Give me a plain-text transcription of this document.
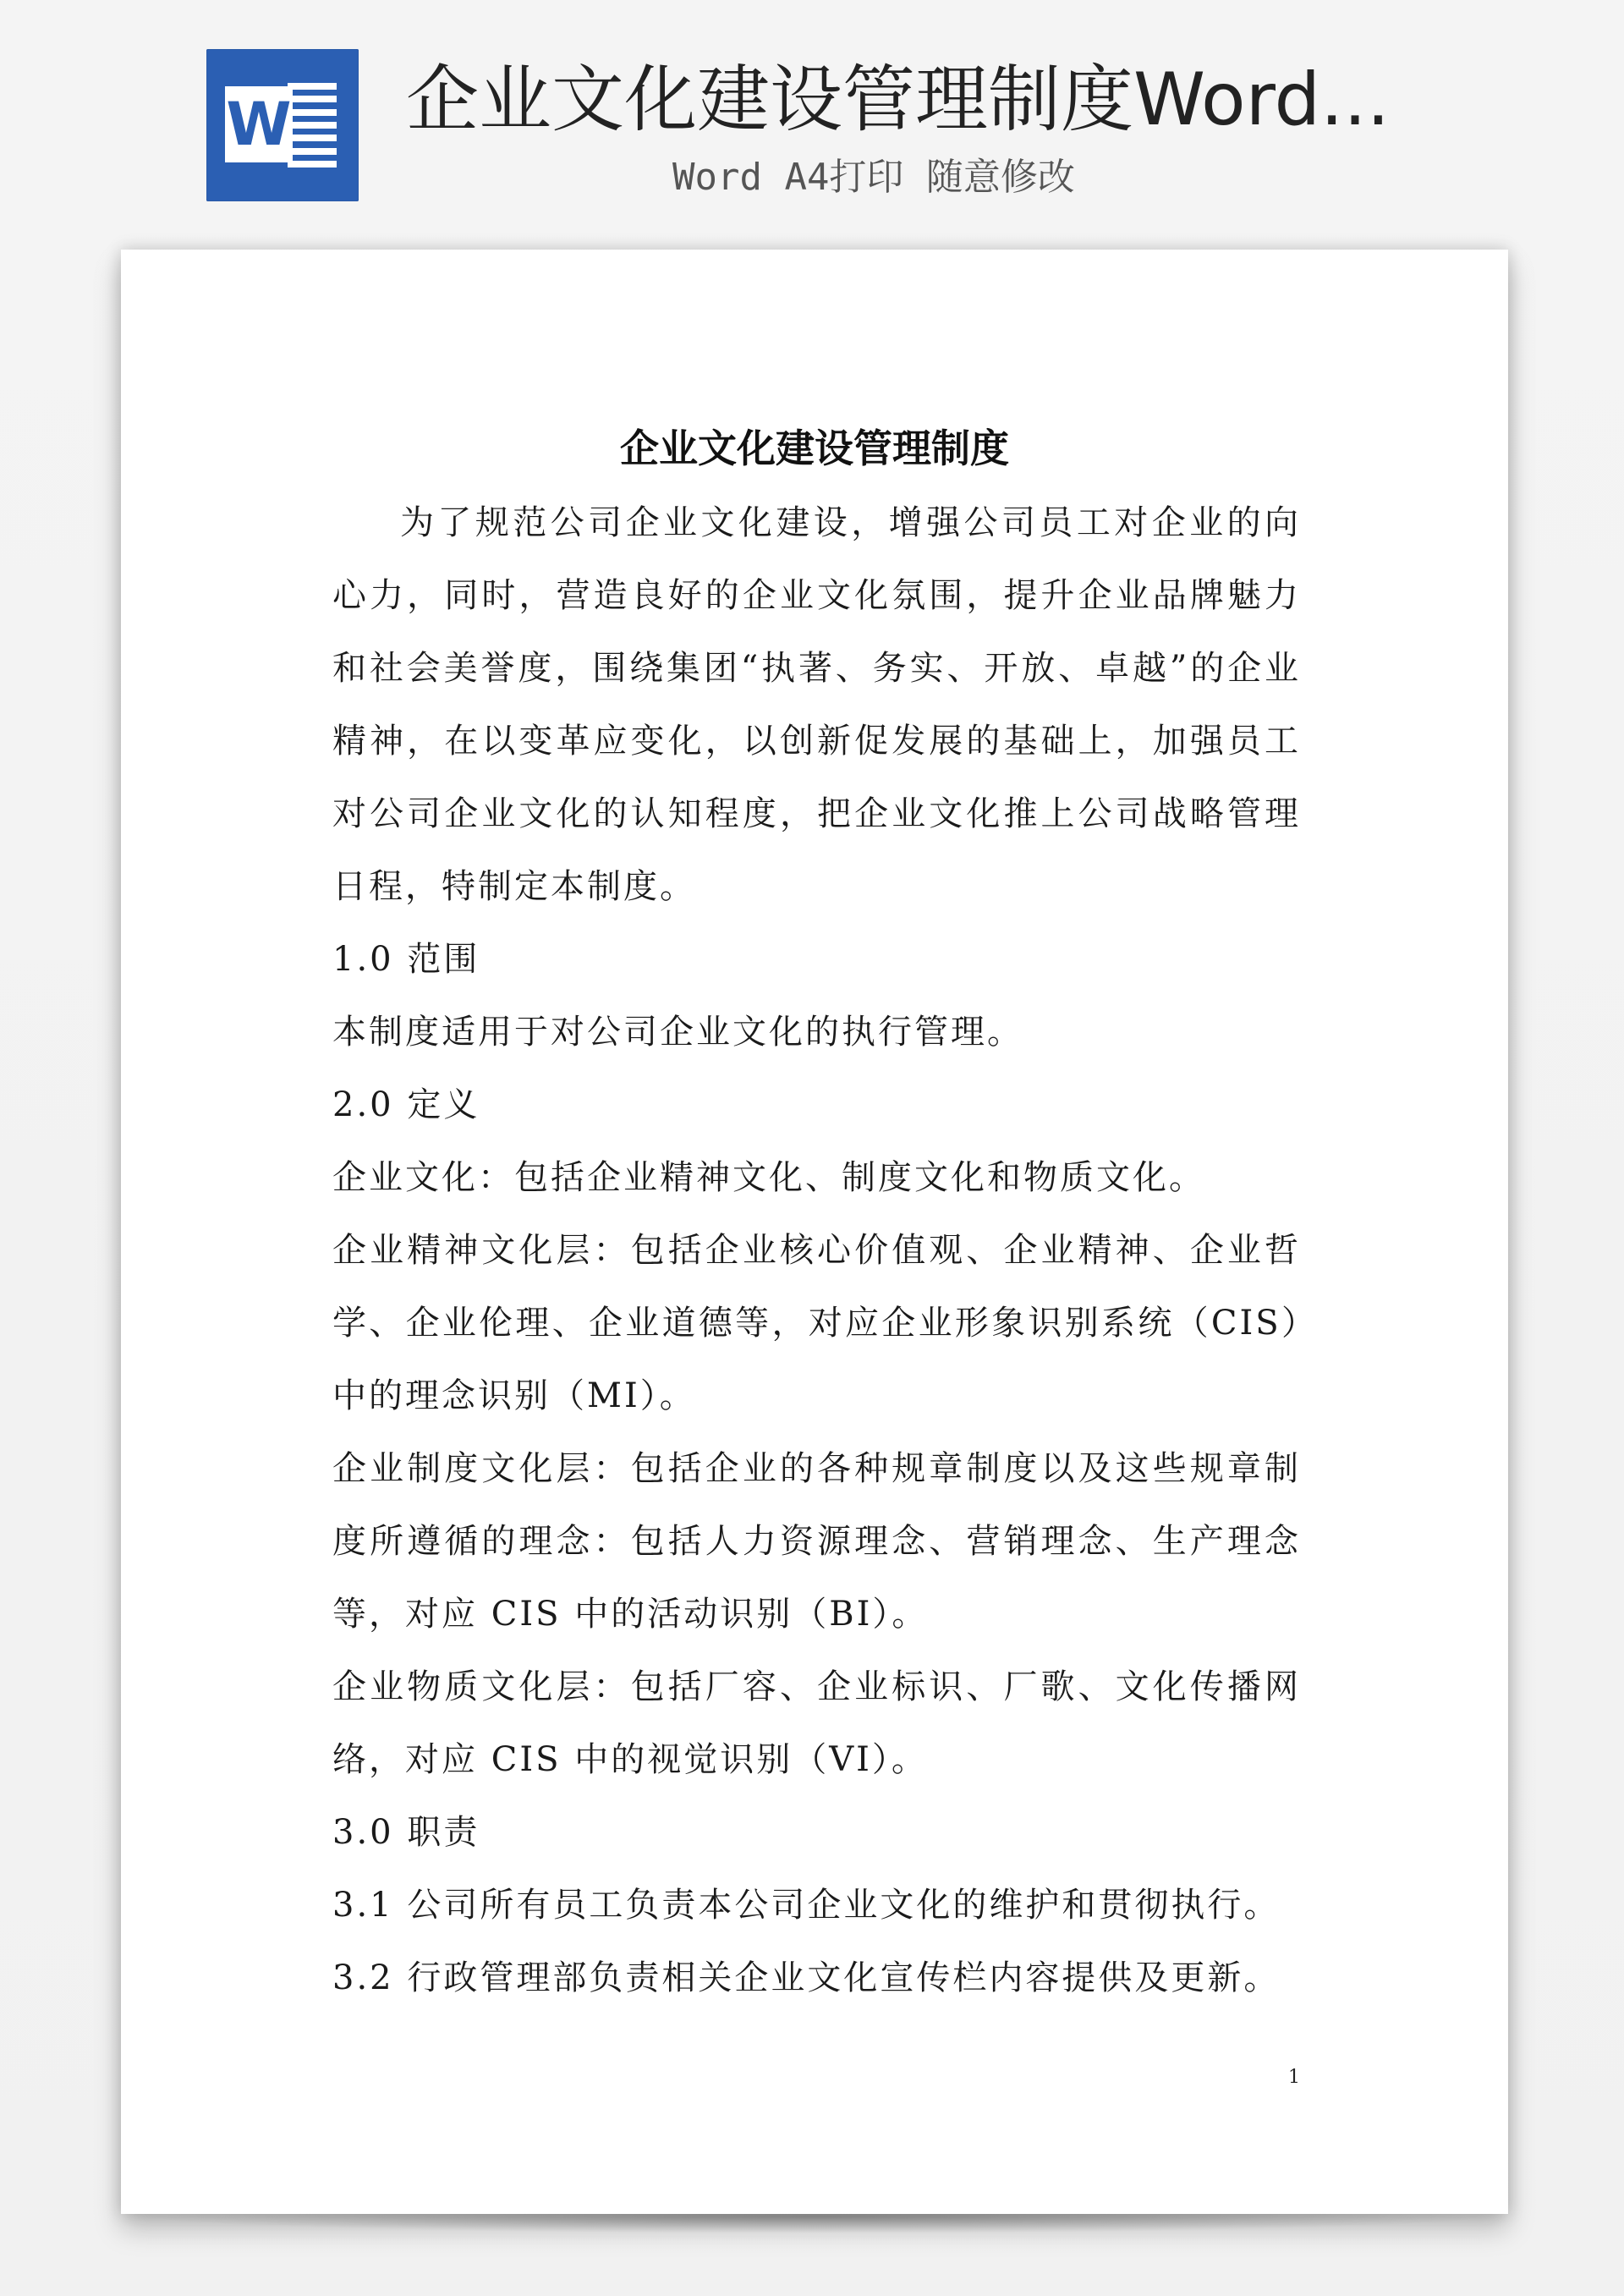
W 企业文化建设管理制度Word...
Word A4打印 随意修改
企业文化建设管理制度

为了规范公司企业文化建设，增强公司员工对企业的向心力，同时，营造良好的企业文化氛围，提升企业品牌魅力和社会美誉度，围绕集团“执著、务实、开放、卓越”的企业精神，在以变革应变化，以创新促发展的基础上，加强员工对公司企业文化的认知程度，把企业文化推上公司战略管理日程，特制定本制度。

1.0 范围

本制度适用于对公司企业文化的执行管理。

2.0 定义

企业文化：包括企业精神文化、制度文化和物质文化。

企业精神文化层：包括企业核心价值观、企业精神、企业哲学、企业伦理、企业道德等，对应企业形象识别系统（CIS）中的理念识别（MI）。

企业制度文化层：包括企业的各种规章制度以及这些规章制度所遵循的理念：包括人力资源理念、营销理念、生产理念等，对应 CIS 中的活动识别（BI）。

企业物质文化层：包括厂容、企业标识、厂歌、文化传播网络，对应 CIS 中的视觉识别（VI）。

3.0 职责

3.1 公司所有员工负责本公司企业文化的维护和贯彻执行。

3.2 行政管理部负责相关企业文化宣传栏内容提供及更新。

1
